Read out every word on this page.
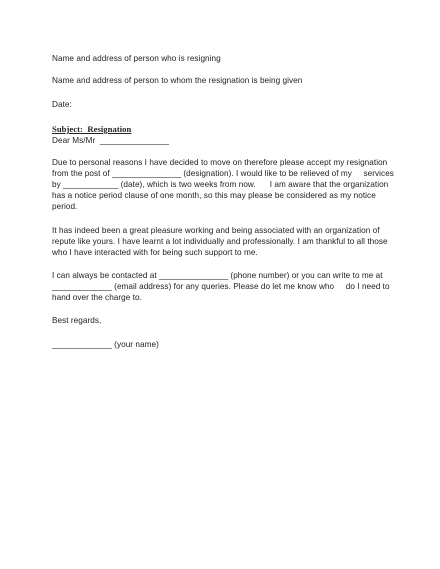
Name and address of person who is resigning
Name and address of person to whom the resignation is being given
Date:
Subject:  Resignation
Dear Ms/Mr  _______________
Due to personal reasons I have decided to move on therefore please accept my resignation
from the post of _______________ (designation). I would like to be relieved of my     services
by ____________ (date), which is two weeks from now.      I am aware that the organization
has a notice period clause of one month, so this may please be considered as my notice
period.
It has indeed been a great pleasure working and being associated with an organization of
repute like yours. I have learnt a lot individually and professionally. I am thankful to all those
who I have interacted with for being such support to me.
I can always be contacted at _______________ (phone number) or you can write to me at
_____________ (email address) for any queries. Please do let me know who     do I need to
hand over the charge to.
Best regards,
_____________ (your name)
